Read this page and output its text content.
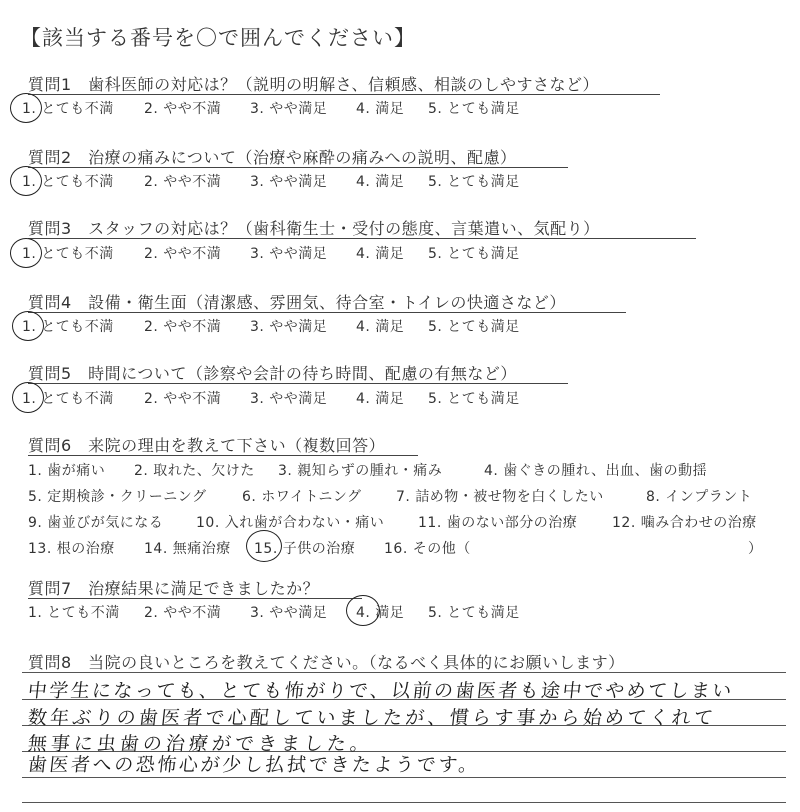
【該当する番号を〇で囲んでください】
質問1　歯科医師の対応は？（説明の明解さ、信頼感、相談のしやすさなど）
1. とても不満 2. やや不満 3. やや満足 4. 満足 5. とても満足
質問2　治療の痛みについて（治療や麻酔の痛みへの説明、配慮）
1. とても不満 2. やや不満 3. やや満足 4. 満足 5. とても満足
質問3　スタッフの対応は？（歯科衛生士・受付の態度、言葉遣い、気配り）
1. とても不満 2. やや不満 3. やや満足 4. 満足 5. とても満足
質問4　設備・衛生面（清潔感、雰囲気、待合室・トイレの快適さなど）
1. とても不満 2. やや不満 3. やや満足 4. 満足 5. とても満足
質問5　時間について（診察や会計の待ち時間、配慮の有無など）
1. とても不満 2. やや不満 3. やや満足 4. 満足 5. とても満足
質問6　来院の理由を教えて下さい（複数回答）
1. 歯が痛い 2. 取れた、欠けた 3. 親知らずの腫れ・痛み	4. 歯ぐきの腫れ、出血、歯の動揺
5. 定期検診・クリーニング	6. ホワイトニング 7. 詰め物・被せ物を白くしたい	8. インプラント
9. 歯並びが気になる 10. 入れ歯が合わない・痛い 11. 歯のない部分の治療 12. 噛み合わせの治療
13. 根の治療 14. 無痛治療 15. 子供の治療 16. その他（	）
質問7　治療結果に満足できましたか？
1. とても不満 2. やや不満 3. やや満足 4. 満足 5. とても満足
質問8　当院の良いところを教えてください。（なるべく具体的にお願いします）
中学生になっても、とても怖がりで、以前の歯医者も途中でやめてしまい
数年ぶりの歯医者で心配していましたが、慣らす事から始めてくれて
無事に虫歯の治療ができました。
歯医者への恐怖心が少し払拭できたようです。
